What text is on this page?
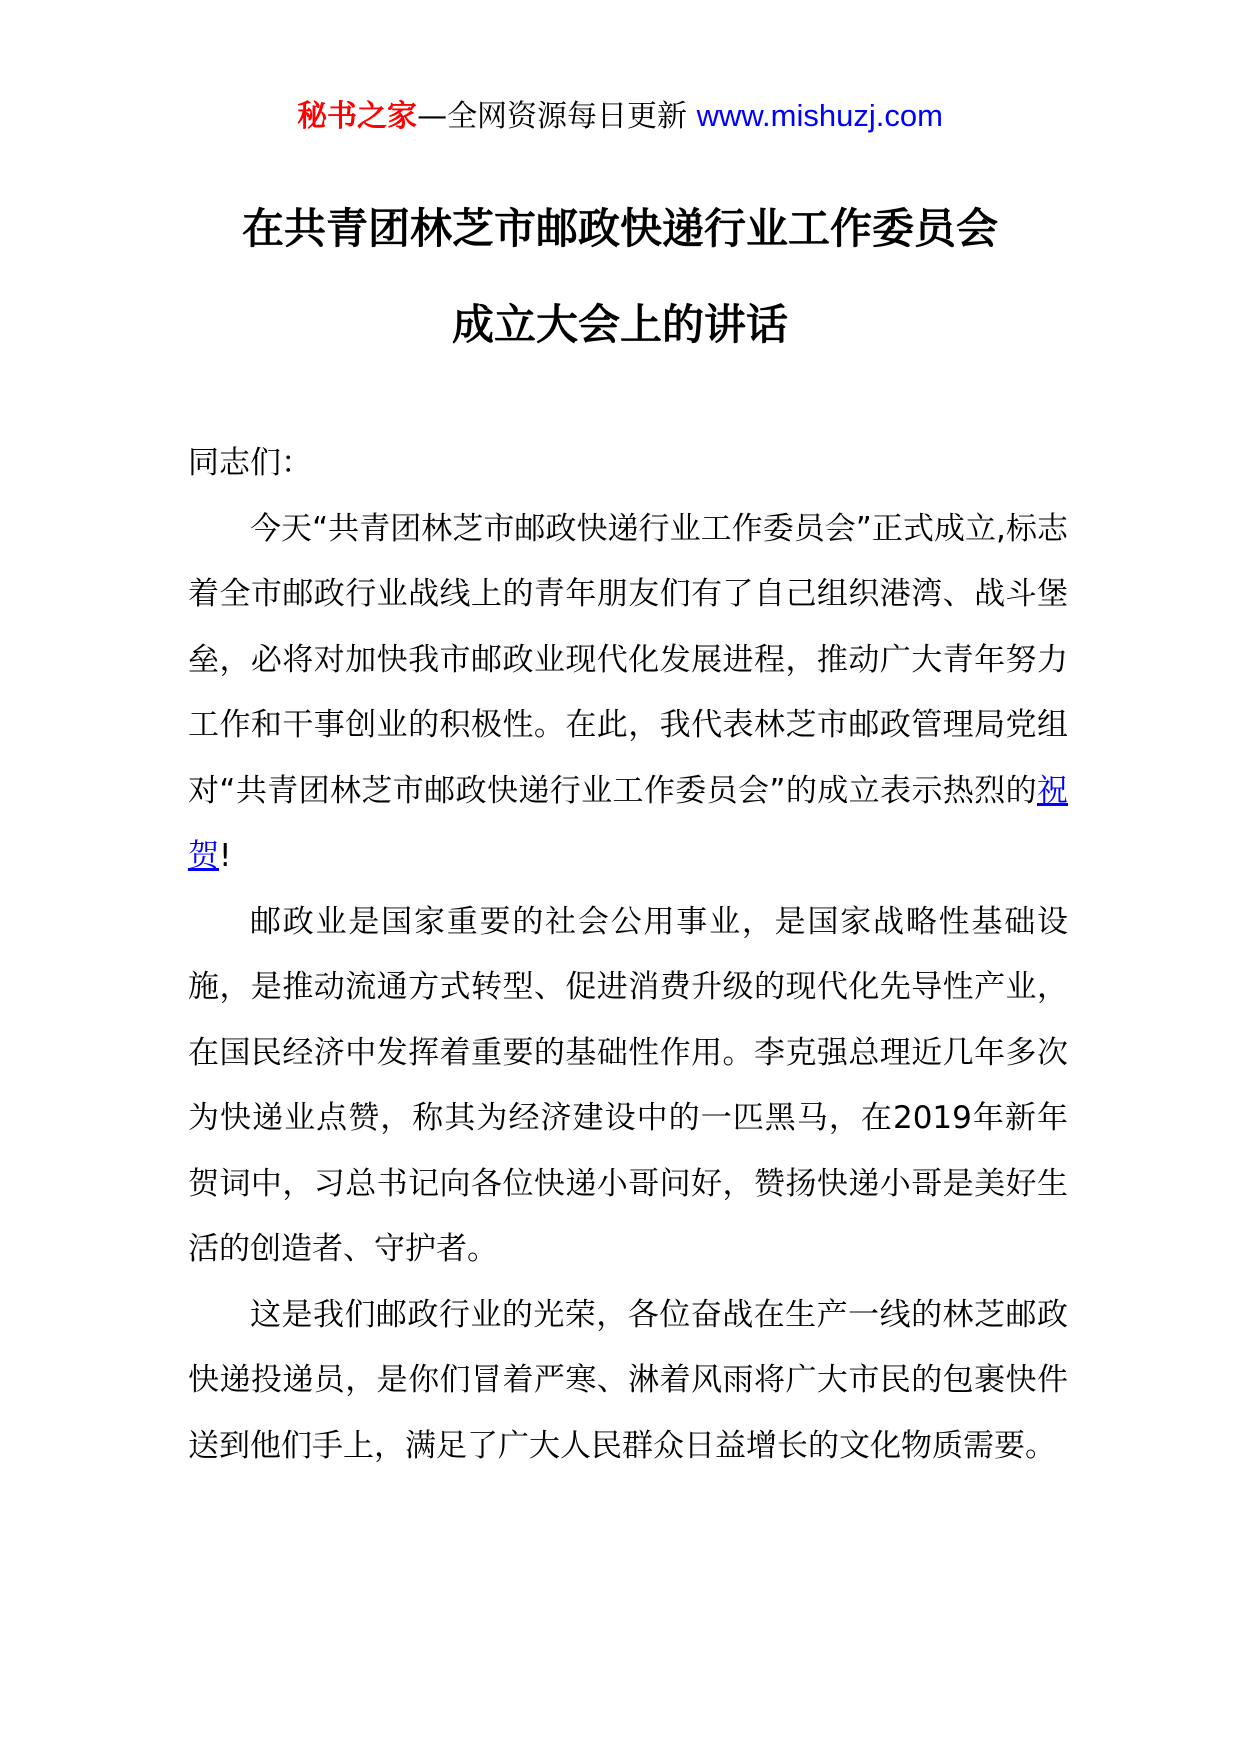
秘书之家—全网资源每日更新 www.mishuzj.com
在共青团林芝市邮政快递行业工作委员会
成立大会上的讲话

同志们：

今天“共青团林芝市邮政快递行业工作委员会”正式成立,标志着全市邮政行业战线上的青年朋友们有了自己组织港湾、战斗堡垒，必将对加快我市邮政业现代化发展进程，推动广大青年努力工作和干事创业的积极性。在此，我代表林芝市邮政管理局党组对“共青团林芝市邮政快递行业工作委员会”的成立表示热烈的祝贺!

邮政业是国家重要的社会公用事业，是国家战略性基础设施，是推动流通方式转型、促进消费升级的现代化先导性产业，在国民经济中发挥着重要的基础性作用。李克强总理近几年多次为快递业点赞，称其为经济建设中的一匹黑马，在2019年新年贺词中，习总书记向各位快递小哥问好，赞扬快递小哥是美好生活的创造者、守护者。

这是我们邮政行业的光荣，各位奋战在生产一线的林芝邮政快递投递员，是你们冒着严寒、淋着风雨将广大市民的包裹快件送到他们手上，满足了广大人民群众日益增长的文化物质需要。
